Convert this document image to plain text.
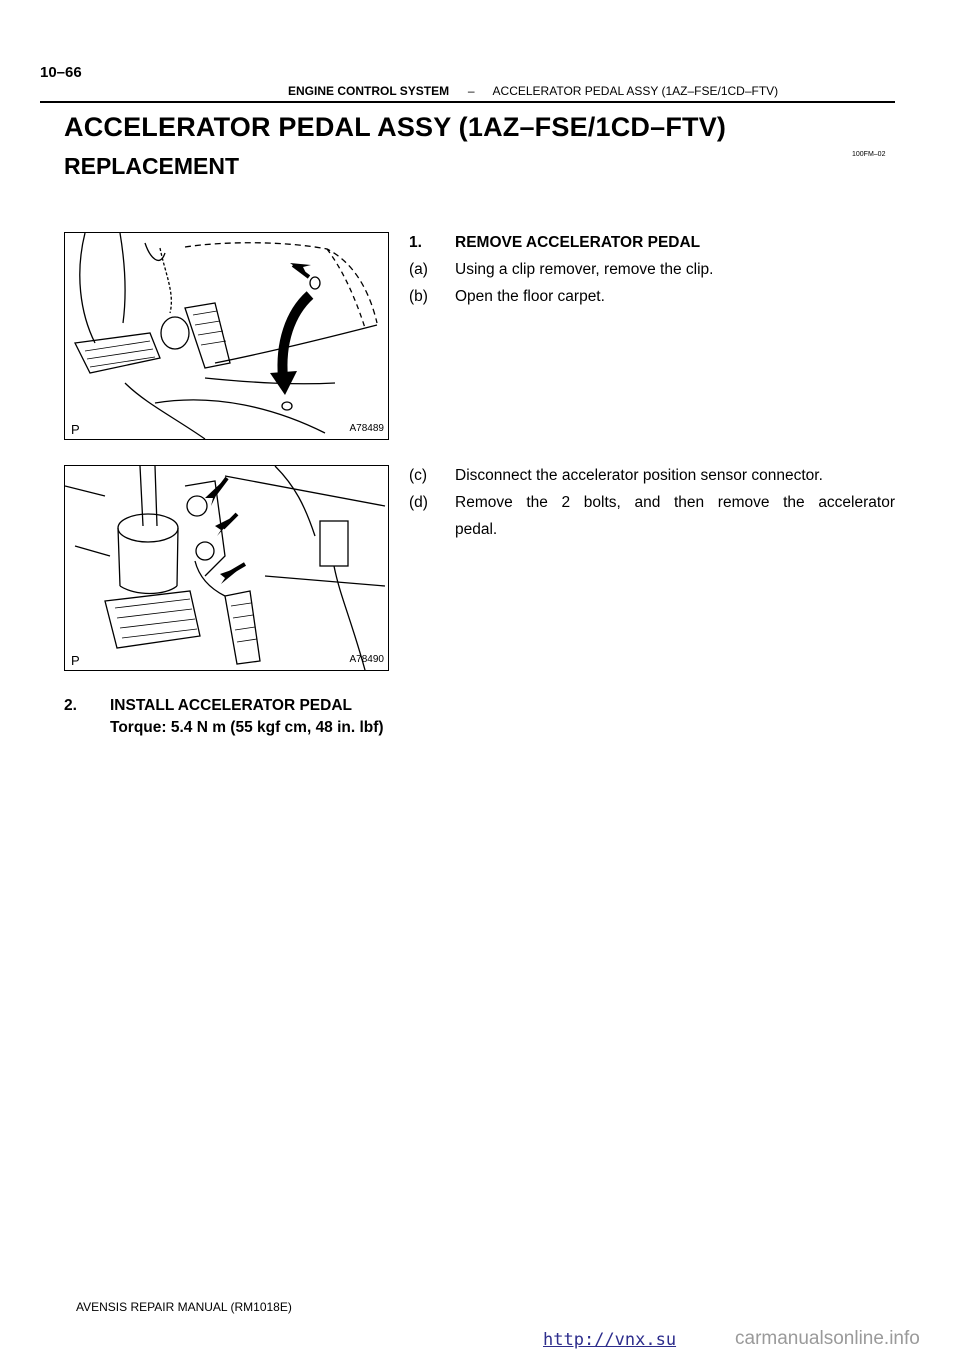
10–66
ENGINE CONTROL SYSTEM – ACCELERATOR PEDAL ASSY (1AZ–FSE/1CD–FTV)
ACCELERATOR PEDAL ASSY (1AZ–FSE/1CD–FTV)
REPLACEMENT	100FM–02
P	A78489
P	A78490
1. REMOVE ACCELERATOR PEDAL
(a) Using a clip remover, remove the clip.
(b) Open the floor carpet.
(c) Disconnect the accelerator position sensor connector.
(d)	Remove the 2 bolts, and then remove the accelerator
pedal.
2. INSTALL ACCELERATOR PEDAL
Torque: 5.4 N m (55 kgf cm, 48 in. lbf)
AVENSIS REPAIR MANUAL (RM1018E)
http://vnx.su	carmanualsonline.info
